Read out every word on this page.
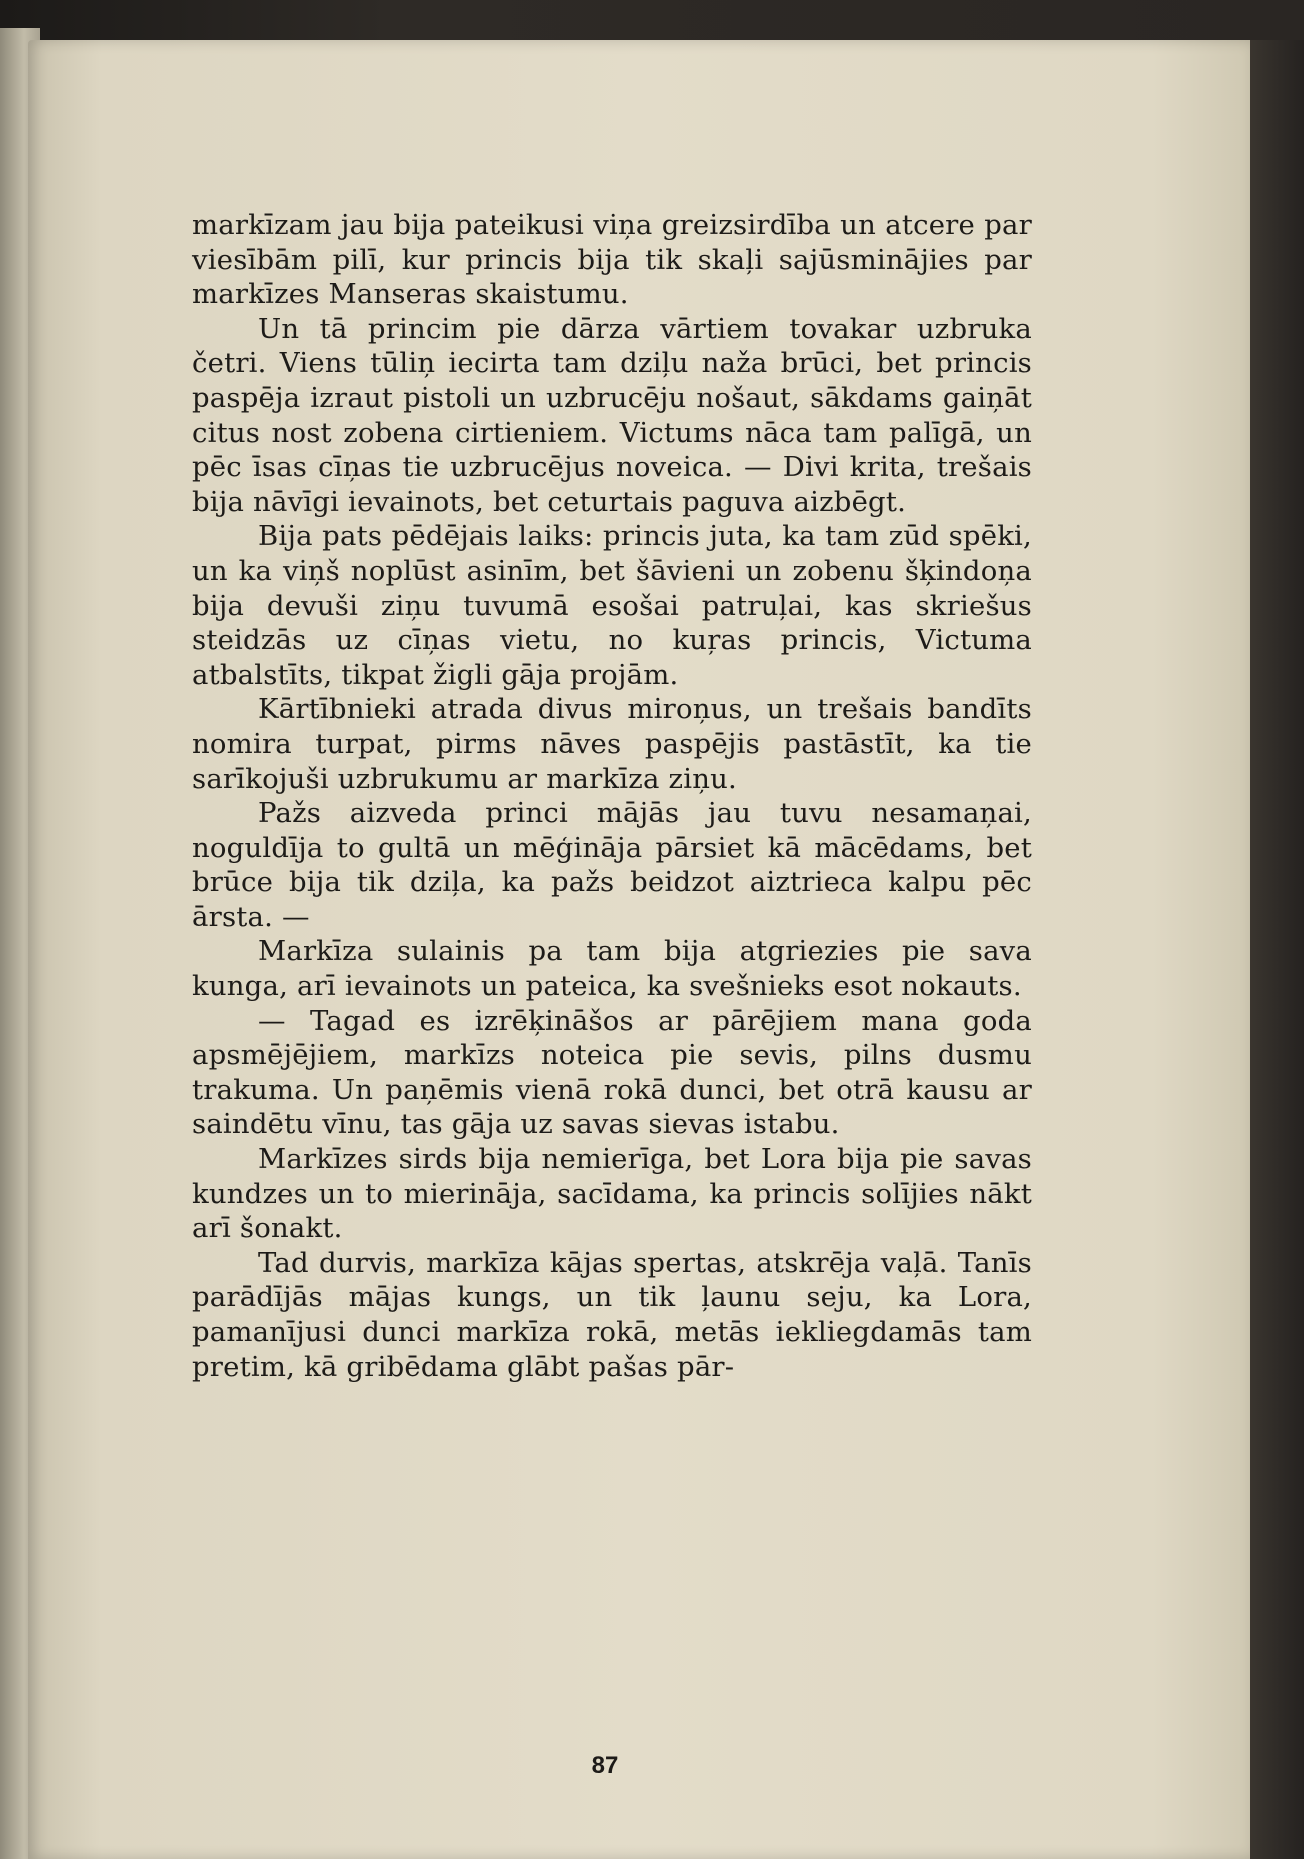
markīzam jau bija pateikusi viņa greizsirdība un atcere par viesībām pilī, kur princis bija tik skaļi sajūsminājies par markīzes Manseras skaistumu.

Un tā princim pie dārza vārtiem tovakar uzbruka četri. Viens tūliņ iecirta tam dziļu naža brūci, bet princis paspēja izraut pistoli un uzbrucēju nošaut, sākdams gaiņāt citus nost zobena cirtieniem. Victums nāca tam palīgā, un pēc īsas cīņas tie uzbrucējus noveica. — Divi krita, trešais bija nāvīgi ievainots, bet ceturtais paguva aizbēgt.

Bija pats pēdējais laiks: princis juta, ka tam zūd spēki, un ka viņš noplūst asinīm, bet šāvieni un zobenu šķindoņa bija devuši ziņu tuvumā esošai patruļai, kas skriešus steidzās uz cīņas vietu, no kuŗas princis, Victuma atbalstīts, tikpat žigli gāja projām.

Kārtībnieki atrada divus miroņus, un trešais bandīts nomira turpat, pirms nāves paspējis pastāstīt, ka tie sarīkojuši uzbrukumu ar markīza ziņu.

Pažs aizveda princi mājās jau tuvu nesamaņai, noguldīja to gultā un mēģināja pārsiet kā mācēdams, bet brūce bija tik dziļa, ka pažs beidzot aiztrieca kalpu pēc ārsta. —

Markīza sulainis pa tam bija atgriezies pie sava kunga, arī ievainots un pateica, ka svešnieks esot nokauts.

— Tagad es izrēķināšos ar pārējiem mana goda apsmējējiem, markīzs noteica pie sevis, pilns dusmu trakuma. Un paņēmis vienā rokā dunci, bet otrā kausu ar saindētu vīnu, tas gāja uz savas sievas istabu.

Markīzes sirds bija nemierīga, bet Lora bija pie savas kundzes un to mierināja, sacīdama, ka princis solījies nākt arī šonakt.

Tad durvis, markīza kājas spertas, atskrēja vaļā. Tanīs parādījās mājas kungs, un tik ļaunu seju, ka Lora, pamanījusi dunci markīza rokā, metās iekliegdamās tam pretim, kā gribēdama glābt pašas pār-

87
